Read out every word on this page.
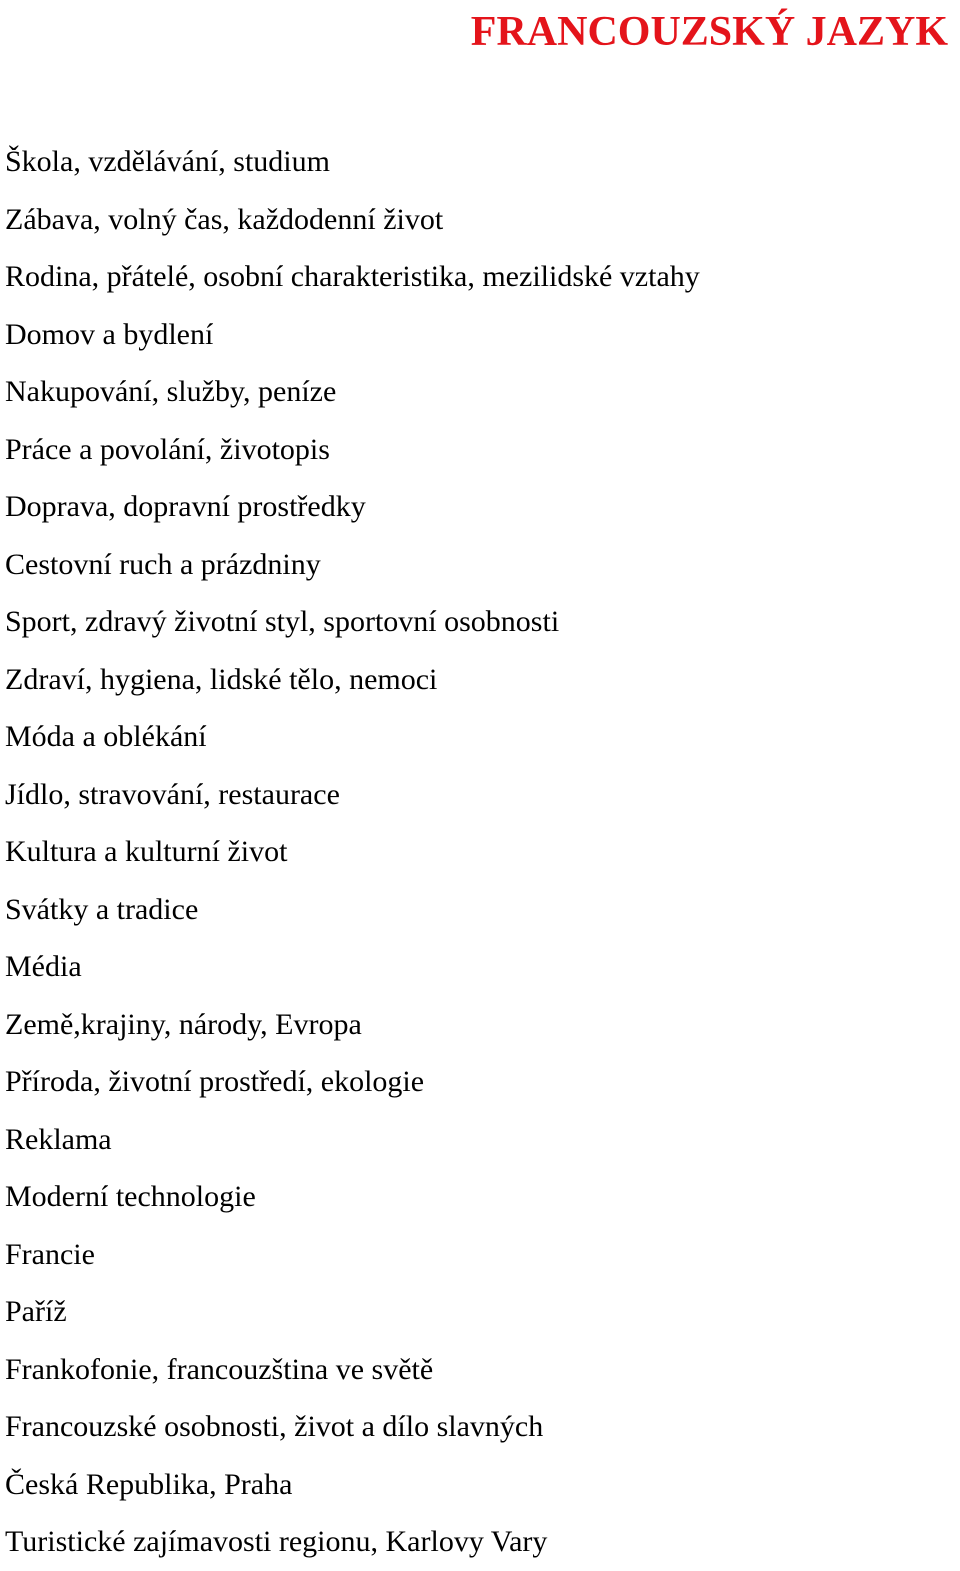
FRANCOUZSKÝ JAZYK
Škola, vzdělávání, studium
Zábava, volný čas, každodenní život
Rodina, přátelé, osobní charakteristika, mezilidské vztahy
Domov a bydlení
Nakupování, služby, peníze
Práce a povolání, životopis
Doprava, dopravní prostředky
Cestovní ruch a prázdniny
Sport, zdravý životní styl, sportovní osobnosti
Zdraví, hygiena, lidské tělo, nemoci
Móda a oblékání
Jídlo, stravování, restaurace
Kultura a kulturní život
Svátky a tradice
Média
Země,krajiny, národy, Evropa
Příroda, životní prostředí, ekologie
Reklama
Moderní technologie
Francie
Paříž
Frankofonie, francouzština ve světě
Francouzské osobnosti, život a dílo slavných
Česká Republika, Praha
Turistické zajímavosti regionu, Karlovy Vary
